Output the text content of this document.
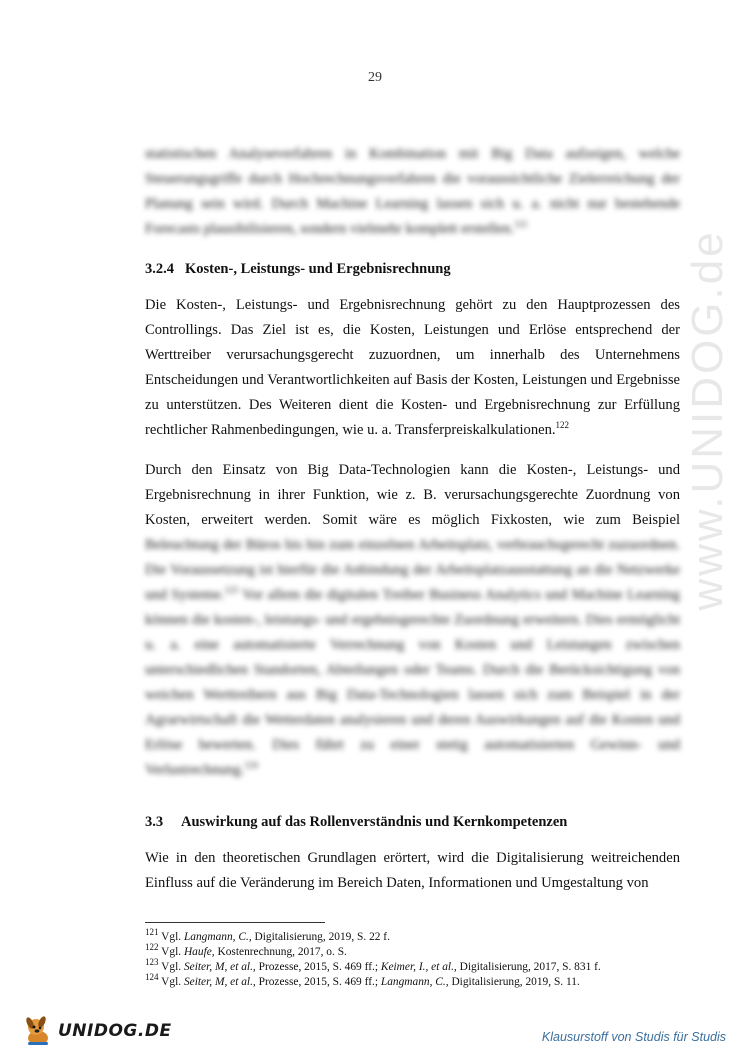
29

statistischen Analyseverfahren in Kombination mit Big Data aufzeigen, welche Steuerungsgriffe durch Hochrechnungsverfahren die voraussichtliche Zielerreichung der Planung sein wird. Durch Machine Learning lassen sich u. a. nicht nur bestehende Forecasts plausibilisieren, sondern vielmehr komplett erstellen.$^{121}$

3.2.4 Kosten-, Leistungs- und Ergebnisrechnung

Die Kosten-, Leistungs- und Ergebnisrechnung gehört zu den Hauptprozessen des Controllings. Das Ziel ist es, die Kosten, Leistungen und Erlöse entsprechend der Werttreiber verursachungsgerecht zuzuordnen, um innerhalb des Unternehmens Entscheidungen und Verantwortlichkeiten auf Basis der Kosten, Leistungen und Ergebnisse zu unterstützen. Des Weiteren dient die Kosten- und Ergebnisrechnung zur Erfüllung rechtlicher Rahmenbedingungen, wie u. a. Transferpreiskalkulationen.$^{122}$

Durch den Einsatz von Big Data-Technologien kann die Kosten-, Leistungs- und Ergebnisrechnung in ihrer Funktion, wie z. B. verursachungsgerechte Zuordnung von Kosten, erweitert werden. Somit wäre es möglich Fixkosten, wie zum Beispiel Beleuchtung der Büros bis hin zum einzelnen Arbeitsplatz, verbrauchsgerecht zuzuordnen. Die Voraussetzung ist hierfür die Anbindung der Arbeitsplatzausstattung an die Netzwerke und Systeme.$^{123}$ Vor allem die digitalen Treiber Business Analytics und Machine Learning können die kosten-, leistungs- und ergebnisgerechte Zuordnung erweitern. Dies ermöglicht u. a. eine automatisierte Verrechnung von Kosten und Leistungen zwischen unterschiedlichen Standorten, Abteilungen oder Teams. Durch die Berücksichtigung von weichen Werttreibern aus Big Data-Technologien lassen sich zum Beispiel in der Agrarwirtschaft die Wetterdaten analysieren und deren Auswirkungen auf die Kosten und Erlöse bewerten. Dies führt zu einer stetig automatisierten Gewinn- und Verlustrechnung.$^{124}$

3.3 Auswirkung auf das Rollenverständnis und Kernkompetenzen

Wie in den theoretischen Grundlagen erörtert, wird die Digitalisierung weitreichenden Einfluss auf die Veränderung im Bereich Daten, Informationen und Umgestaltung von

$^{121}$ Vgl. Langmann, C., Digitalisierung, 2019, S. 22 f.

$^{122}$ Vgl. Haufe, Kostenrechnung, 2017, o. S.

$^{123}$ Vgl. Seiter, M, et al., Prozesse, 2015, S. 469 ff.; Keimer, I., et al., Digitalisierung, 2017, S. 831 f.

$^{124}$ Vgl. Seiter, M, et al., Prozesse, 2015, S. 469 ff.; Langmann, C., Digitalisierung, 2019, S. 11.

www.UNIDOG.de
UNIDOG.DE	Klausurstoff von Studis für Studis
